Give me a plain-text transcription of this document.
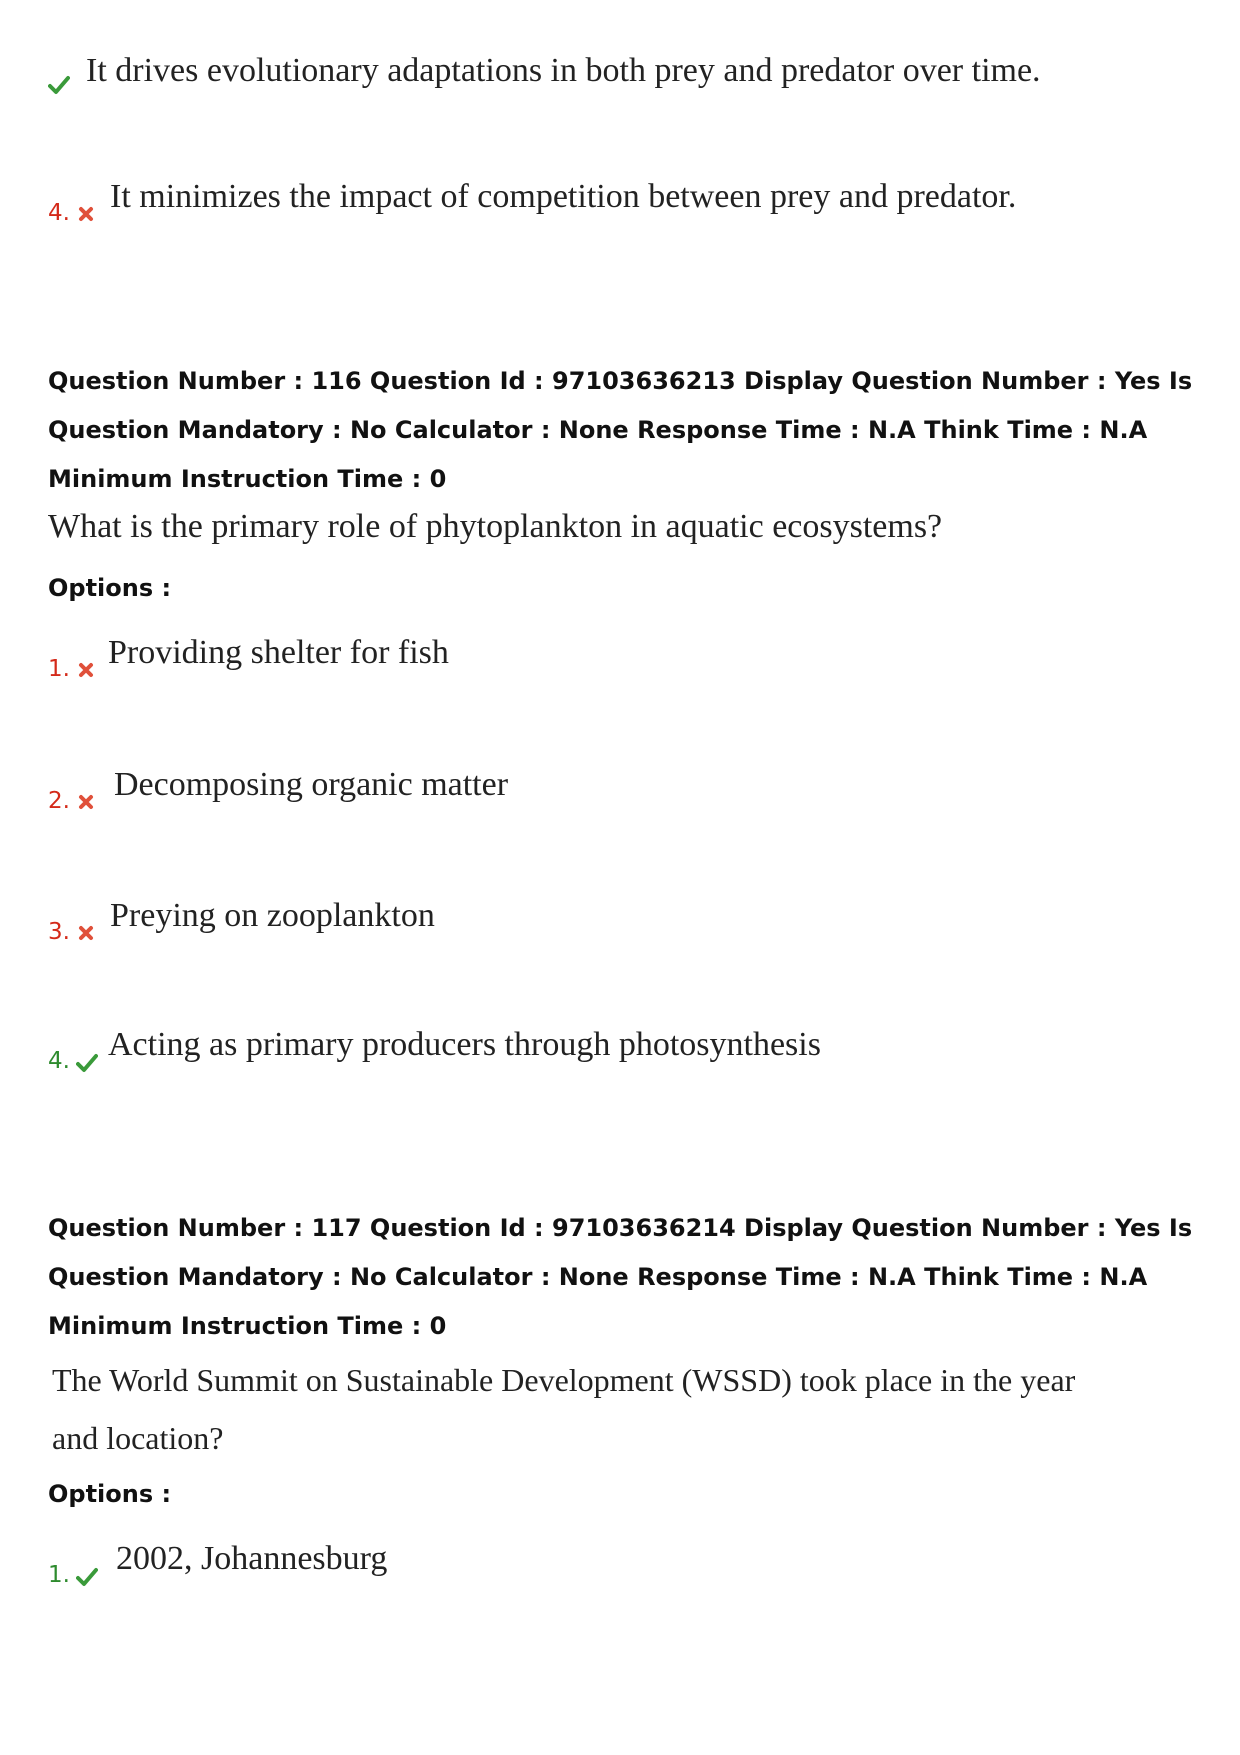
It drives evolutionary adaptations in both prey and predator over time.
4. It minimizes the impact of competition between prey and predator.
Question Number : 116 Question Id : 97103636213 Display Question Number : Yes Is Question Mandatory : No Calculator : None Response Time : N.A Think Time : N.A Minimum Instruction Time : 0
What is the primary role of phytoplankton in aquatic ecosystems?
Options :
1. Providing shelter for fish
2. Decomposing organic matter
3. Preying on zooplankton
4. Acting as primary producers through photosynthesis
Question Number : 117 Question Id : 97103636214 Display Question Number : Yes Is Question Mandatory : No Calculator : None Response Time : N.A Think Time : N.A Minimum Instruction Time : 0
The World Summit on Sustainable Development (WSSD) took place in the year
and location?
Options :
1. 2002, Johannesburg
